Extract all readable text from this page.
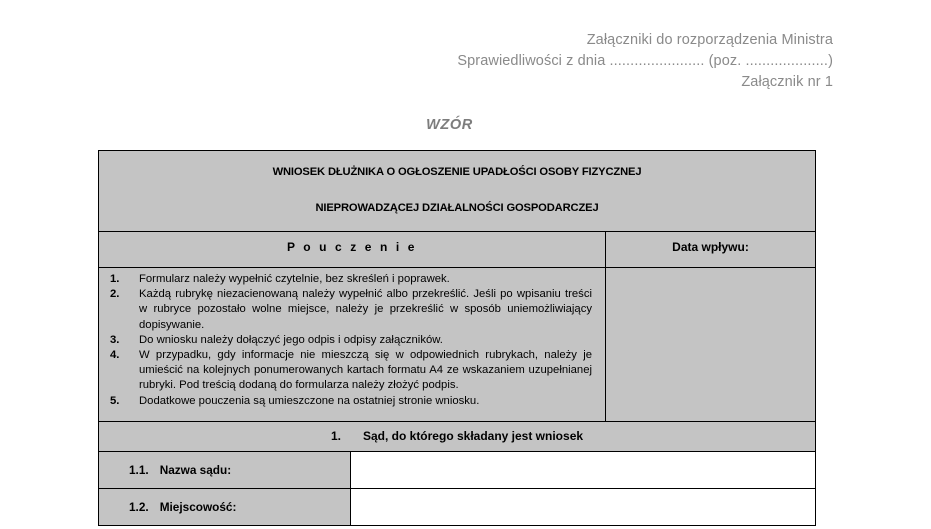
Załączniki do rozporządzenia Ministra
Sprawiedliwości z dnia ....................... (poz. ....................)
Załącznik nr 1
WZÓR
WNIOSEK DŁUŻNIKA O OGŁOSZENIE UPADŁOŚCI OSOBY FIZYCZNEJ
NIEPROWADZĄCEJ DZIAŁALNOŚCI GOSPODARCZEJ		

P o u c z e n i e		Data wpływu:

1.	Formularz należy wypełnić czytelnie, bez skreśleń i poprawek.
2.	Każdą rubrykę niezacienowaną należy wypełnić albo przekreślić. Jeśli po wpisaniu treści w rubryce pozostało wolne miejsce, należy je przekreślić w sposób uniemożliwiający dopisywanie.
3.	Do wniosku należy dołączyć jego odpis i odpisy załączników.
4.	W przypadku, gdy informacje nie mieszczą się w odpowiednich rubrykach, należy je umieścić na kolejnych ponumerowanych kartach formatu A4 ze wskazaniem uzupełnianej rubryki. Pod treścią dodaną do formularza należy złożyć podpis.
5.	Dodatkowe pouczenia są umieszczone na ostatniej stronie wniosku.

1. Sąd, do którego składany jest wniosek		
1.1. Nazwa sądu:		
1.2. Miejscowość:		
